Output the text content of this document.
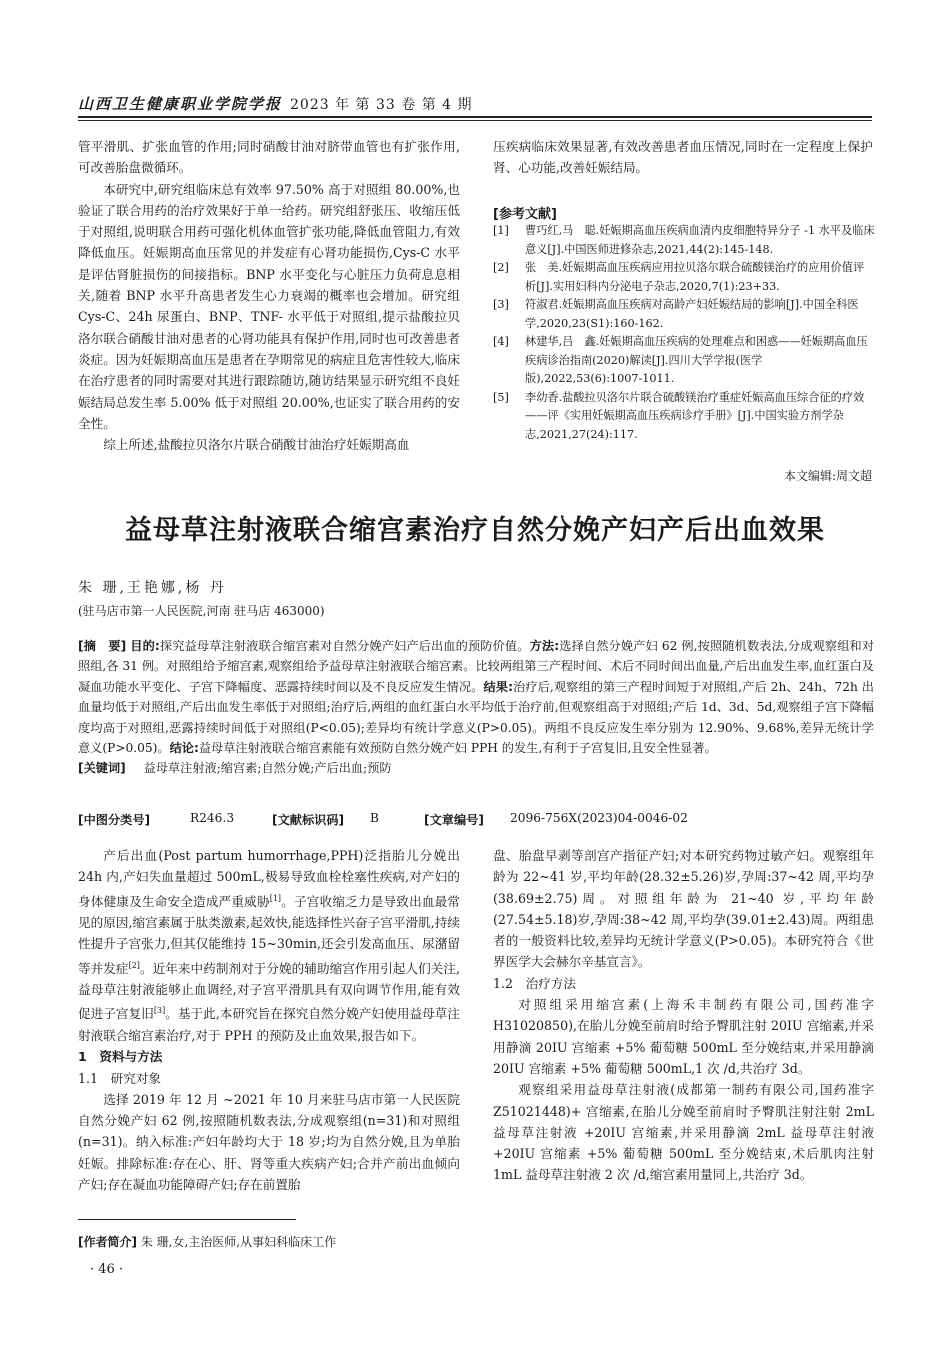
山西卫生健康职业学院学报 2023 年 第 33 卷 第 4 期

管平滑肌、扩张血管的作用;同时硝酸甘油对脐带血管也有扩张作用,可改善胎盘微循环。

本研究中,研究组临床总有效率 97.50% 高于对照组 80.00%,也验证了联合用药的治疗效果好于单一给药。研究组舒张压、收缩压低于对照组,说明联合用药可强化机体血管扩张功能,降低血管阻力,有效降低血压。妊娠期高血压常见的并发症有心肾功能损伤,Cys-C 水平是评估肾脏损伤的间接指标。BNP 水平变化与心脏压力负荷息息相关,随着 BNP 水平升高患者发生心力衰竭的概率也会增加。研究组 Cys-C、24h 尿蛋白、BNP、TNF- 水平低于对照组,提示盐酸拉贝洛尔联合硝酸甘油对患者的心肾功能具有保护作用,同时也可改善患者炎症。因为妊娠期高血压是患者在孕期常见的病症且危害性较大,临床在治疗患者的同时需要对其进行跟踪随访,随访结果显示研究组不良妊娠结局总发生率 5.00% 低于对照组 20.00%,也证实了联合用药的安全性。

综上所述,盐酸拉贝洛尔片联合硝酸甘油治疗妊娠期高血

压疾病临床效果显著,有效改善患者血压情况,同时在一定程度上保护肾、心功能,改善妊娠结局。

[参考文献]
[1]	曹巧红,马　聪.妊娠期高血压疾病血清内皮细胞特异分子 -1 水平及临床意义[J].中国医师进修杂志,2021,44(2):145-148.
[2]	张　美.妊娠期高血压疾病应用拉贝洛尔联合硫酸镁治疗的应用价值评析[J].实用妇科内分泌电子杂志,2020,7(1):23+33.
[3]	符淑君.妊娠期高血压疾病对高龄产妇妊娠结局的影响[J].中国全科医学,2020,23(S1):160-162.
[4]	林建华,吕　鑫.妊娠期高血压疾病的处理难点和困惑——妊娠期高血压疾病诊治指南(2020)解读[J].四川大学学报(医学版),2022,53(6):1007-1011.
[5]	李幼香.盐酸拉贝洛尔片联合硫酸镁治疗重症妊娠高血压综合征的疗效——评《实用妊娠期高血压疾病诊疗手册》[J].中国实验方剂学杂志,2021,27(24):117.
本文编辑:周文超
益母草注射液联合缩宫素治疗自然分娩产妇产后出血效果
朱 珊,王艳娜,杨 丹
(驻马店市第一人民医院,河南 驻马店 463000)
[摘　要] 目的:探究益母草注射液联合缩宫素对自然分娩产妇产后出血的预防价值。方法:选择自然分娩产妇 62 例,按照随机数表法,分成观察组和对照组,各 31 例。对照组给予缩宫素,观察组给予益母草注射液联合缩宫素。比较两组第三产程时间、术后不同时间出血量,产后出血发生率,血红蛋白及凝血功能水平变化、子宫下降幅度、恶露持续时间以及不良反应发生情况。结果:治疗后,观察组的第三产程时间短于对照组,产后 2h、24h、72h 出血量均低于对照组,产后出血发生率低于对照组;治疗后,两组的血红蛋白水平均低于治疗前,但观察组高于对照组;产后 1d、3d、5d,观察组子宫下降幅度均高于对照组,恶露持续时间低于对照组(P<0.05);差异均有统计学意义(P>0.05)。两组不良反应发生率分别为 12.90%、9.68%,差异无统计学意义(P>0.05)。结论:益母草注射液联合缩宫素能有效预防自然分娩产妇 PPH 的发生,有利于子宫复旧,且安全性显著。
[关键词] 益母草注射液;缩宫素;自然分娩;产后出血;预防
[中图分类号]	R246.3	[文献标识码]	B	[文章编号]	2096-756X(2023)04-0046-02

产后出血(Post partum humorrhage,PPH)泛指胎儿分娩出 24h 内,产妇失血量超过 500mL,极易导致血栓栓塞性疾病,对产妇的身体健康及生命安全造成严重威胁[1]。子宫收缩乏力是导致出血最常见的原因,缩宫素属于肽类激素,起效快,能选择性兴奋子宫平滑肌,持续性提升子宫张力,但其仅能维持 15~30min,还会引发高血压、尿潴留等并发症[2]。近年来中药制剂对于分娩的辅助缩宫作用引起人们关注,益母草注射液能够止血调经,对子宫平滑肌具有双向调节作用,能有效促进子宫复旧[3]。基于此,本研究旨在探究自然分娩产妇使用益母草注射液联合缩宫素治疗,对于 PPH 的预防及止血效果,报告如下。

1　资料与方法

1.1　研究对象

选择 2019 年 12 月 ~2021 年 10 月来驻马店市第一人民医院自然分娩产妇 62 例,按照随机数表法,分成观察组(n=31)和对照组(n=31)。纳入标准:产妇年龄均大于 18 岁;均为自然分娩,且为单胎妊娠。排除标准:存在心、肝、肾等重大疾病产妇;合并产前出血倾向产妇;存在凝血功能障碍产妇;存在前置胎

盘、胎盘早剥等剖宫产指征产妇;对本研究药物过敏产妇。观察组年龄为 22~41 岁,平均年龄(28.32±5.26)岁,孕周:37~42 周,平均孕(38.69±2.75)周。对照组年龄为 21~40 岁,平均年龄(27.54±5.18)岁,孕周:38~42 周,平均孕(39.01±2.43)周。两组患者的一般资料比较,差异均无统计学意义(P>0.05)。本研究符合《世界医学大会赫尔辛基宣言》。

1.2　治疗方法

对照组采用缩宫素(上海禾丰制药有限公司,国药准字 H31020850),在胎儿分娩至前肩时给予臀肌注射 20IU 宫缩素,并采用静滴 20IU 宫缩素 +5% 葡萄糖 500mL 至分娩结束,并采用静滴 20IU 宫缩素 +5% 葡萄糖 500mL,1 次 /d,共治疗 3d。

观察组采用益母草注射液(成都第一制药有限公司,国药准字 Z51021448)+ 宫缩素,在胎儿分娩至前肩时予臀肌注射注射 2mL 益母草注射液 +20IU 宫缩素,并采用静滴 2mL 益母草注射液 +20IU 宫缩素 +5% 葡萄糖 500mL 至分娩结束,术后肌肉注射 1mL 益母草注射液 2 次 /d,缩宫素用量同上,共治疗 3d。

[作者简介] 朱 珊,女,主治医师,从事妇科临床工作
· 46 ·
